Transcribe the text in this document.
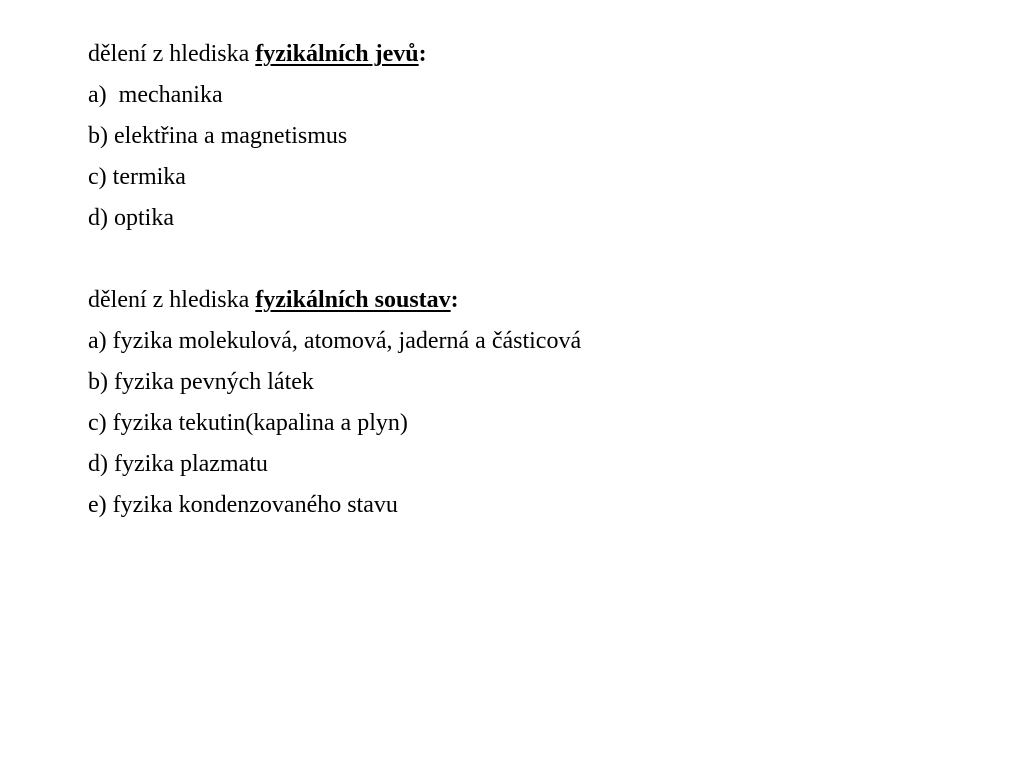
dělení z hlediska fyzikálních jevů:
a)  mechanika
b) elektřina a magnetismus
c) termika
d) optika
dělení z hlediska fyzikálních soustav:
a) fyzika molekulová, atomová, jaderná a částicová
b) fyzika pevných látek
c) fyzika tekutin(kapalina a plyn)
d) fyzika plazmatu
e) fyzika kondenzovaného stavu
